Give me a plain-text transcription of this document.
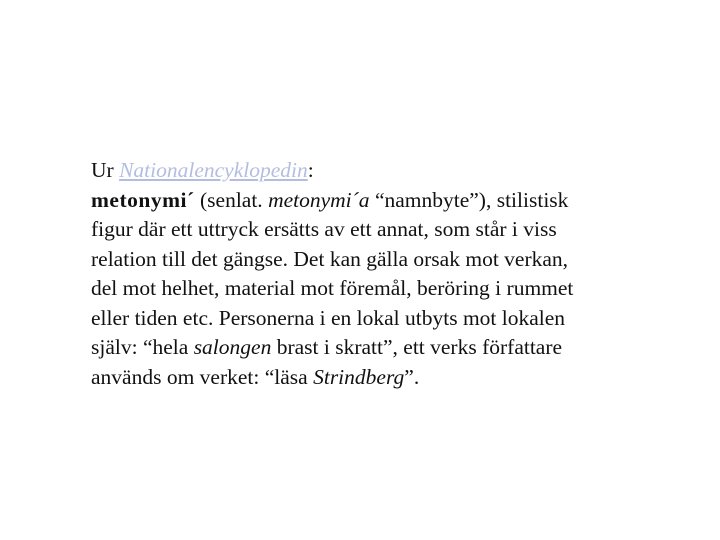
Ur Nationalencyklopedin:
metonymi´ (senlat. metonymi´a “namnbyte”), stilistisk
figur där ett uttryck ersätts av ett annat, som står i viss
relation till det gängse. Det kan gälla orsak mot verkan,
del mot helhet, material mot föremål, beröring i rummet
eller tiden etc. Personerna i en lokal utbyts mot lokalen
själv: “hela salongen brast i skratt”, ett verks författare
används om verket: “läsa Strindberg”.
